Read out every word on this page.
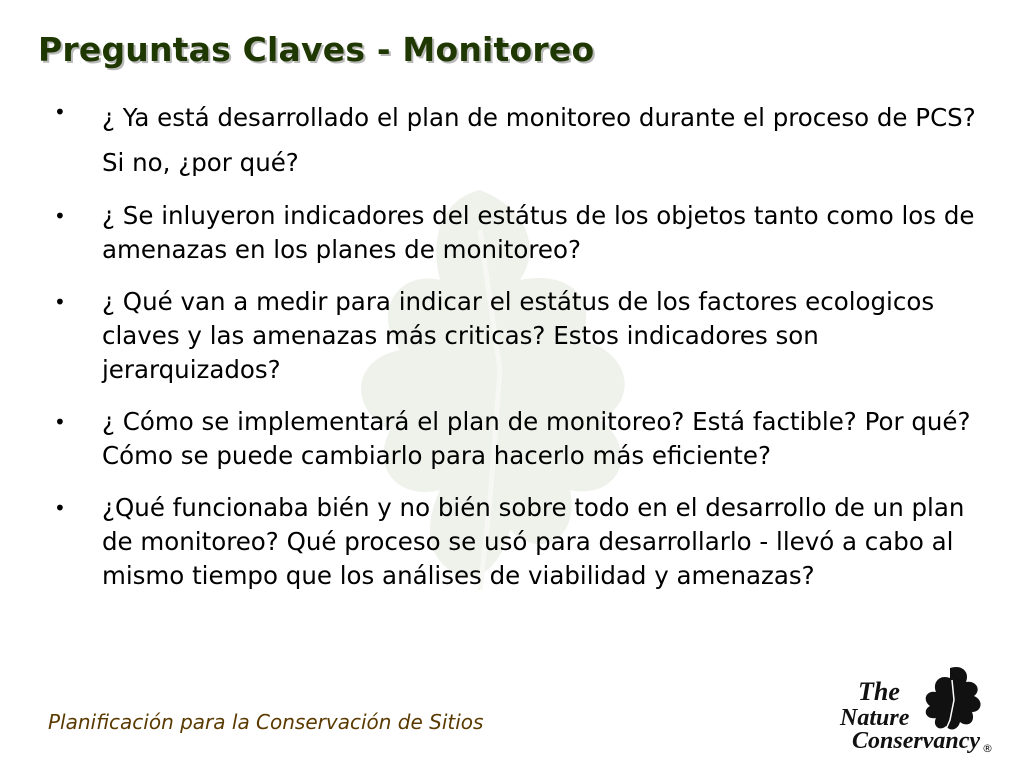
Preguntas Claves - Monitoreo
•	¿ Ya está desarrollado el plan de monitoreo durante el proceso de PCS? Si no, ¿por qué?
•	¿ Se inluyeron indicadores del estátus de los objetos tanto como los de amenazas en los planes de monitoreo?
•	¿ Qué van a medir para indicar el estátus de los factores ecologicos claves y las amenazas más criticas? Estos indicadores son jerarquizados?
•	¿ Cómo se implementará el plan de monitoreo? Está factible? Por qué? Cómo se puede cambiarlo para hacerlo más eficiente?
•	¿Qué funcionaba bién y no bién sobre todo en el desarrollo de un plan de monitoreo? Qué proceso se usó para desarrollarlo - llevó a cabo al mismo tiempo que los análises de viabilidad y amenazas?
Planificación para la Conservación de Sitios
The
Nature
Conservancy ®
